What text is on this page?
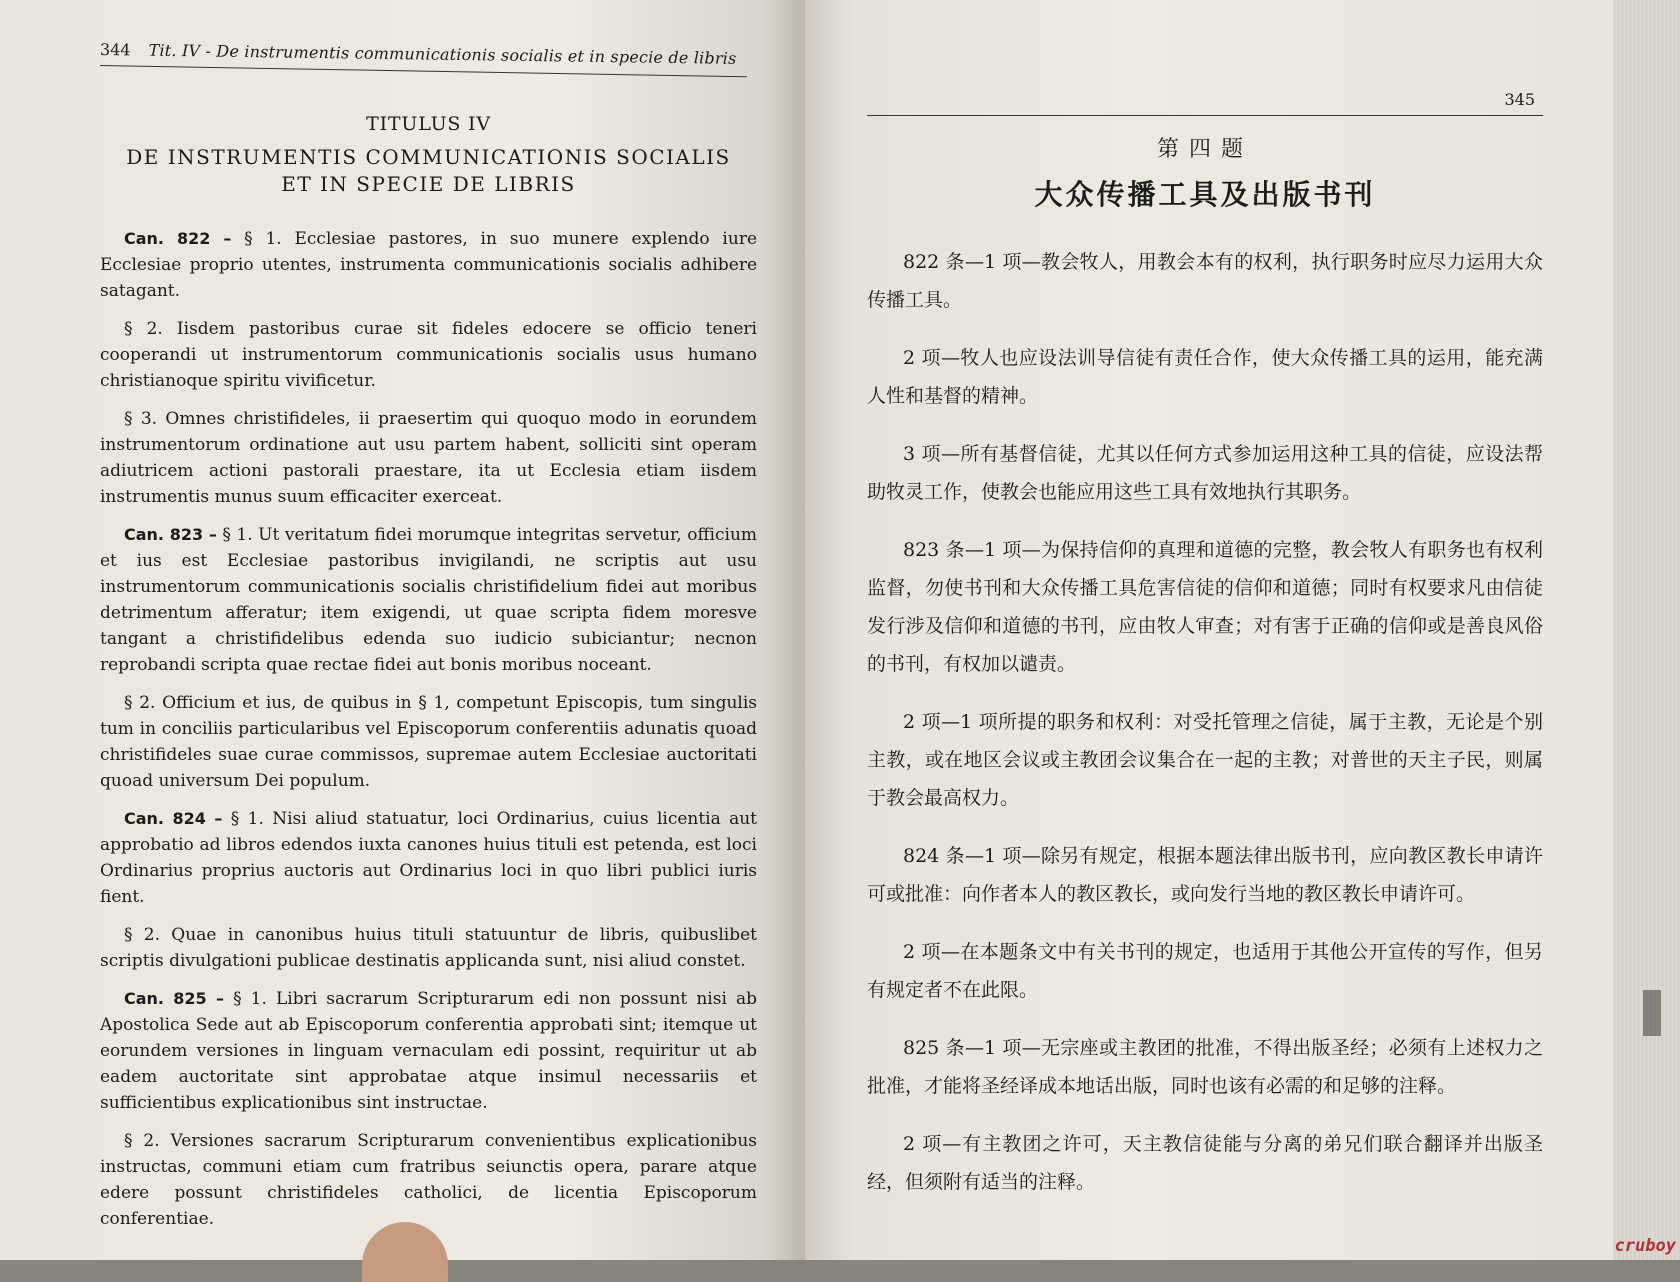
344 Tit. IV - De instrumentis communicationis socialis et in specie de libris
TITULUS IV
DE INSTRUMENTIS COMMUNICATIONIS SOCIALIS
ET IN SPECIE DE LIBRIS

Can. 822 – § 1. Ecclesiae pastores, in suo munere explendo iure Ecclesiae proprio utentes, instrumenta communicationis socialis adhibere satagant.

§ 2. Iisdem pastoribus curae sit fideles edocere se officio teneri cooperandi ut instrumentorum communicationis socialis usus humano christianoque spiritu vivificetur.

§ 3. Omnes christifideles, ii praesertim qui quoquo modo in eorundem instrumentorum ordinatione aut usu partem habent, solliciti sint operam adiutricem actioni pastorali praestare, ita ut Ecclesia etiam iisdem instrumentis munus suum efficaciter exerceat.

Can. 823 – § 1. Ut veritatum fidei morumque integritas servetur, officium et ius est Ecclesiae pastoribus invigilandi, ne scriptis aut usu instrumentorum communicationis socialis christifidelium fidei aut moribus detrimentum afferatur; item exigendi, ut quae scripta fidem moresve tangant a christifidelibus edenda suo iudicio subiciantur; necnon reprobandi scripta quae rectae fidei aut bonis moribus noceant.

§ 2. Officium et ius, de quibus in § 1, competunt Episcopis, tum singulis tum in conciliis particularibus vel Episcoporum conferentiis adunatis quoad christifideles suae curae commissos, supremae autem Ecclesiae auctoritati quoad universum Dei populum.

Can. 824 – § 1. Nisi aliud statuatur, loci Ordinarius, cuius licentia aut approbatio ad libros edendos iuxta canones huius tituli est petenda, est loci Ordinarius proprius auctoris aut Ordinarius loci in quo libri publici iuris fient.

§ 2. Quae in canonibus huius tituli statuuntur de libris, quibuslibet scriptis divulgationi publicae destinatis applicanda sunt, nisi aliud constet.

Can. 825 – § 1. Libri sacrarum Scripturarum edi non possunt nisi ab Apostolica Sede aut ab Episcoporum conferentia approbati sint; itemque ut eorundem versiones in linguam vernaculam edi possint, requiritur ut ab eadem auctoritate sint approbatae atque insimul necessariis et sufficientibus explicationibus sint instructae.

§ 2. Versiones sacrarum Scripturarum convenientibus explicationibus instructas, communi etiam cum fratribus seiunctis opera, parare atque edere possunt christifideles catholici, de licentia Episcoporum conferentiae.

345
第四题
大众传播工具及出版书刊

822 条—1 项—教会牧人，用教会本有的权利，执行职务时应尽力运用大众传播工具。

2 项—牧人也应设法训导信徒有责任合作，使大众传播工具的运用，能充满人性和基督的精神。

3 项—所有基督信徒，尤其以任何方式参加运用这种工具的信徒，应设法帮助牧灵工作，使教会也能应用这些工具有效地执行其职务。

823 条—1 项—为保持信仰的真理和道德的完整，教会牧人有职务也有权利监督，勿使书刊和大众传播工具危害信徒的信仰和道德；同时有权要求凡由信徒发行涉及信仰和道德的书刊，应由牧人审查；对有害于正确的信仰或是善良风俗的书刊，有权加以谴责。

2 项—1 项所提的职务和权利：对受托管理之信徒，属于主教，无论是个别主教，或在地区会议或主教团会议集合在一起的主教；对普世的天主子民，则属于教会最高权力。

824 条—1 项—除另有规定，根据本题法律出版书刊，应向教区教长申请许可或批准：向作者本人的教区教长，或向发行当地的教区教长申请许可。

2 项—在本题条文中有关书刊的规定，也适用于其他公开宣传的写作，但另有规定者不在此限。

825 条—1 项—无宗座或主教团的批准，不得出版圣经；必须有上述权力之批准，才能将圣经译成本地话出版，同时也该有必需的和足够的注释。

2 项—有主教团之许可，天主教信徒能与分离的弟兄们联合翻译并出版圣经，但须附有适当的注释。

cruboy
